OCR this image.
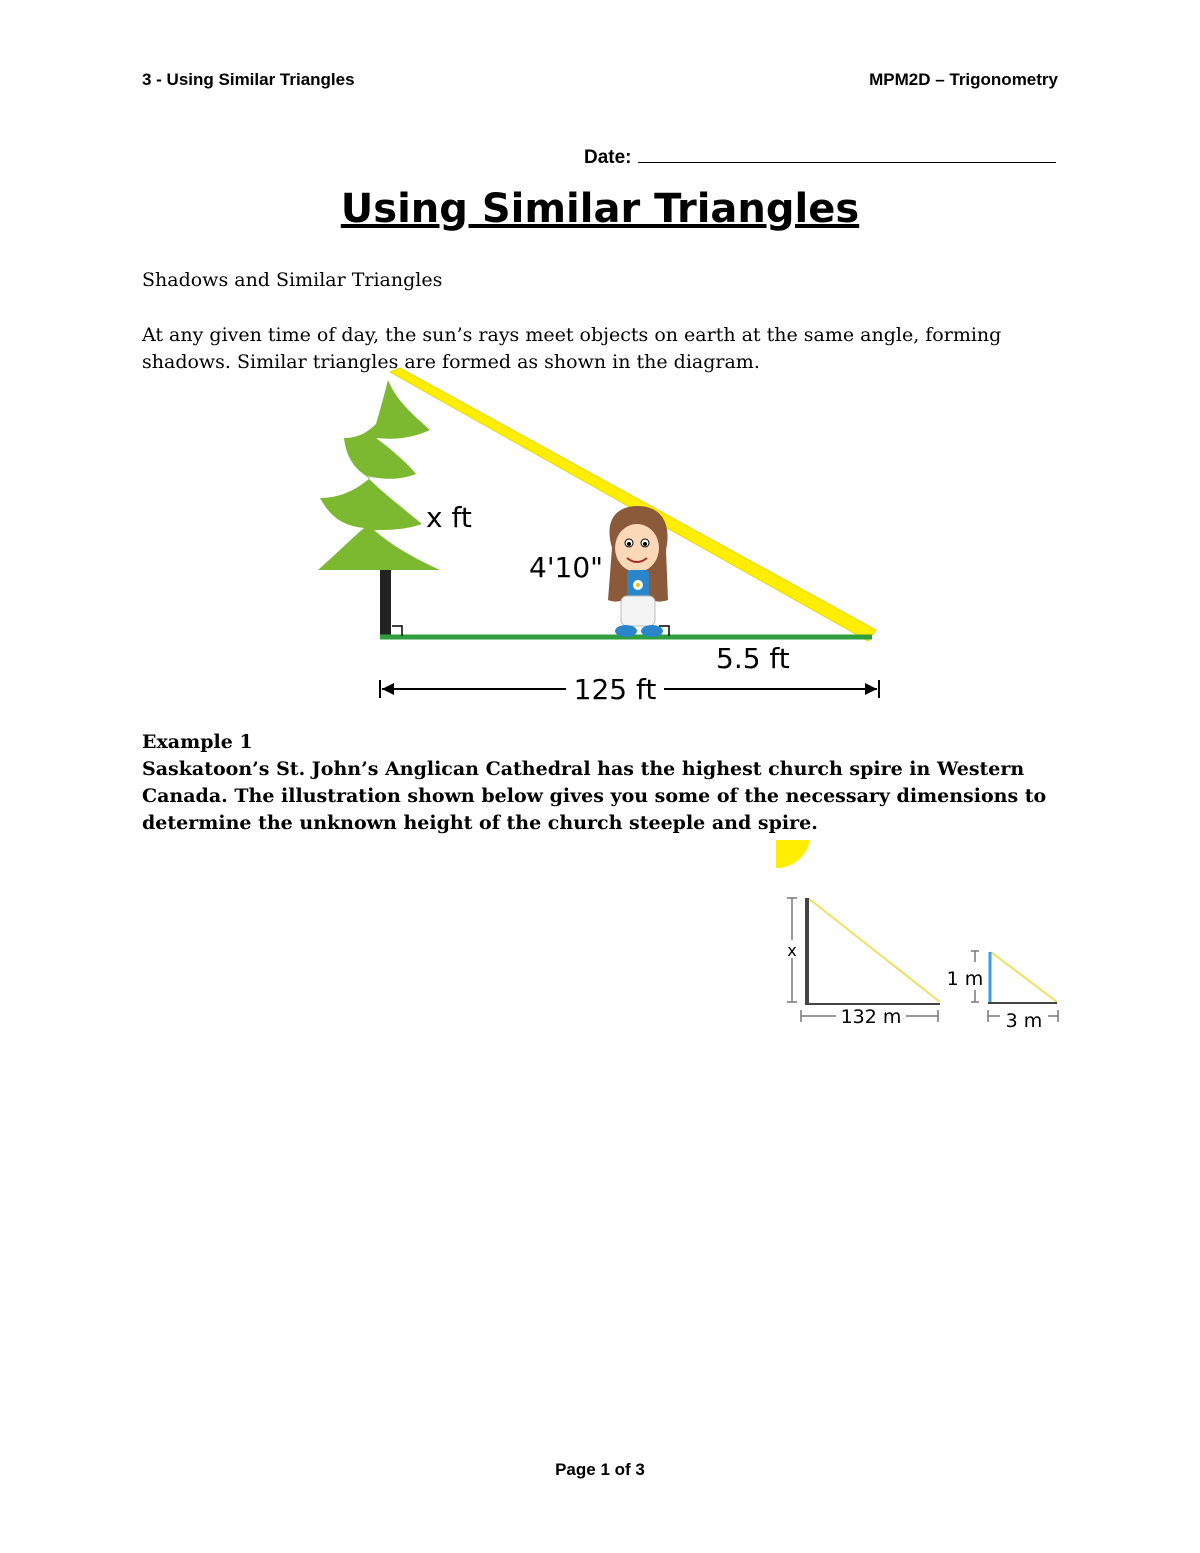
3 - Using Similar Triangles	MPM2D – Trigonometry
Date:
Using Similar Triangles
Shadows and Similar Triangles
At any given time of day, the sun’s rays meet objects on earth at the same angle, forming shadows. Similar triangles are formed as shown in the diagram.
x ft
4'10"
5.5 ft
125 ft
Example 1
Saskatoon’s St. John’s Anglican Cathedral has the highest church spire in Western Canada. The illustration shown below gives you some of the necessary dimensions to determine the unknown height of the church steeple and spire.
x
132 m
1 m
3 m
Page 1 of 3
